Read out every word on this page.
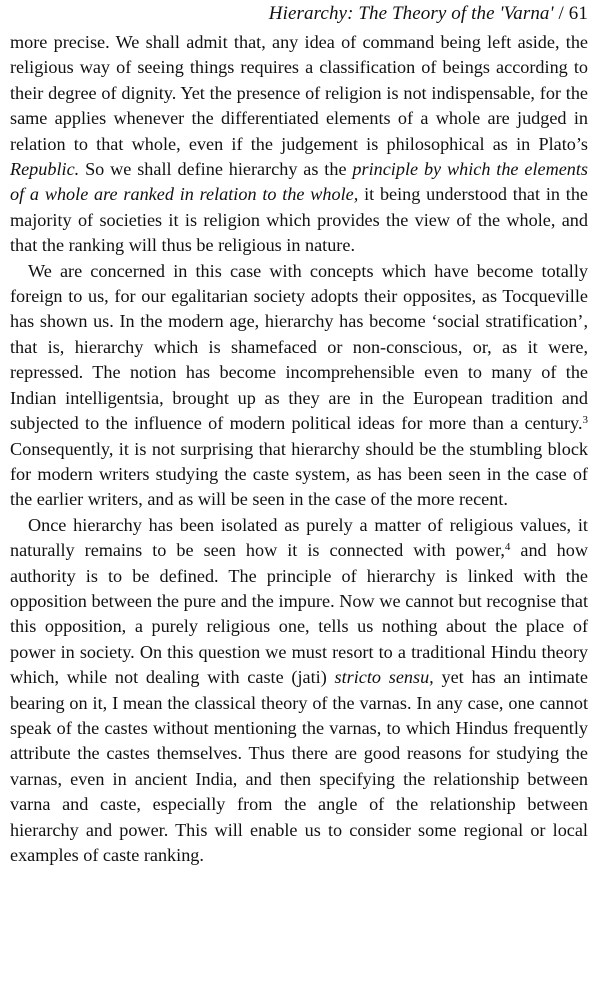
Hierarchy: The Theory of the 'Varna' / 61

more precise. We shall admit that, any idea of command being left aside, the religious way of seeing things requires a classification of beings according to their degree of dignity. Yet the presence of religion is not indispensable, for the same applies whenever the differentiated elements of a whole are judged in relation to that whole, even if the judgement is philosophical as in Plato’s Republic. So we shall define hierarchy as the principle by which the elements of a whole are ranked in relation to the whole, it being understood that in the majority of societies it is religion which provides the view of the whole, and that the ranking will thus be religious in nature.

We are concerned in this case with concepts which have become totally foreign to us, for our egalitarian society adopts their opposites, as Tocqueville has shown us. In the modern age, hierarchy has become ‘social stratification’, that is, hierarchy which is shamefaced or non-conscious, or, as it were, repressed. The notion has become incomprehensible even to many of the Indian intelligentsia, brought up as they are in the European tradition and subjected to the influence of modern political ideas for more than a century.$^3$ Consequently, it is not surprising that hierarchy should be the stumbling block for modern writers studying the caste system, as has been seen in the case of the earlier writers, and as will be seen in the case of the more recent.

Once hierarchy has been isolated as purely a matter of religious values, it naturally remains to be seen how it is connected with power,$^4$ and how authority is to be defined. The principle of hierarchy is linked with the opposition between the pure and the impure. Now we cannot but recognise that this opposition, a purely religious one, tells us nothing about the place of power in society. On this question we must resort to a traditional Hindu theory which, while not dealing with caste (jati) stricto sensu, yet has an intimate bearing on it, I mean the classical theory of the varnas. In any case, one cannot speak of the castes without mentioning the varnas, to which Hindus frequently attribute the castes themselves. Thus there are good reasons for studying the varnas, even in ancient India, and then specifying the relationship between varna and caste, especially from the angle of the relationship between hierarchy and power. This will enable us to consider some regional or local examples of caste ranking.
